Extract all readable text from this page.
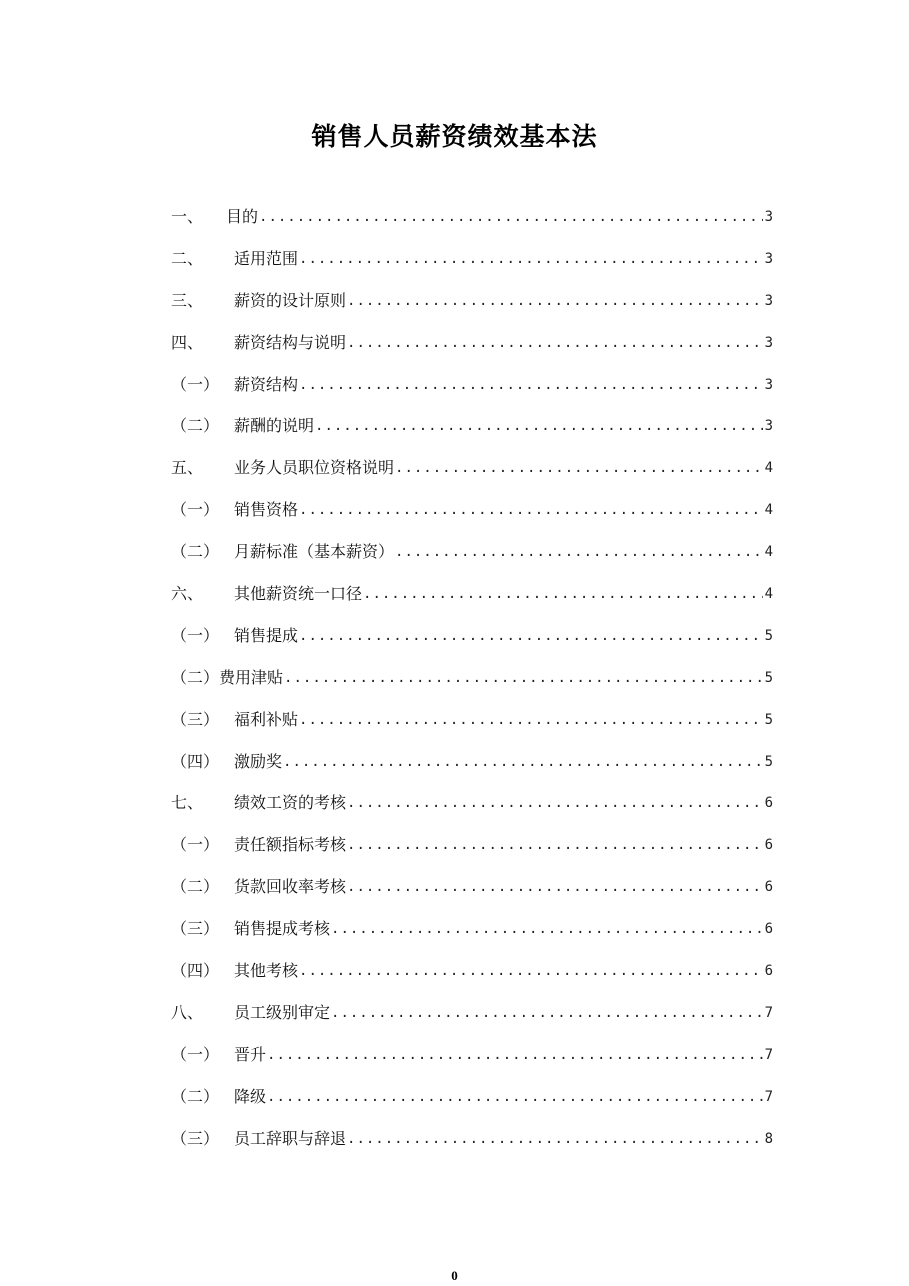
销售人员薪资绩效基本法
一、	目的 .....	3
二、	适用范围 .....	3
三、	薪资的设计原则 .....	3
四、	薪资结构与说明 .....	3
（一） 薪资结构 .....	3
（二） 薪酬的说明 .....	3
五、	业务人员职位资格说明 .....	4
（一） 销售资格 .....	4
（二） 月薪标准（基本薪资） .....	4
六、	其他薪资统一口径 .....	4
（一） 销售提成 .....	5
（二） 费用津贴 .....	5
（三） 福利补贴 .....	5
（四） 激励奖 .....	5
七、	绩效工资的考核 .....	6
（一） 责任额指标考核 .....	6
（二） 货款回收率考核 .....	6
（三） 销售提成考核 .....	6
（四） 其他考核 .....	6
八、	员工级别审定 .....	7
（一） 晋升 .....	7
（二） 降级 .....	7
（三） 员工辞职与辞退 .....	8
0
